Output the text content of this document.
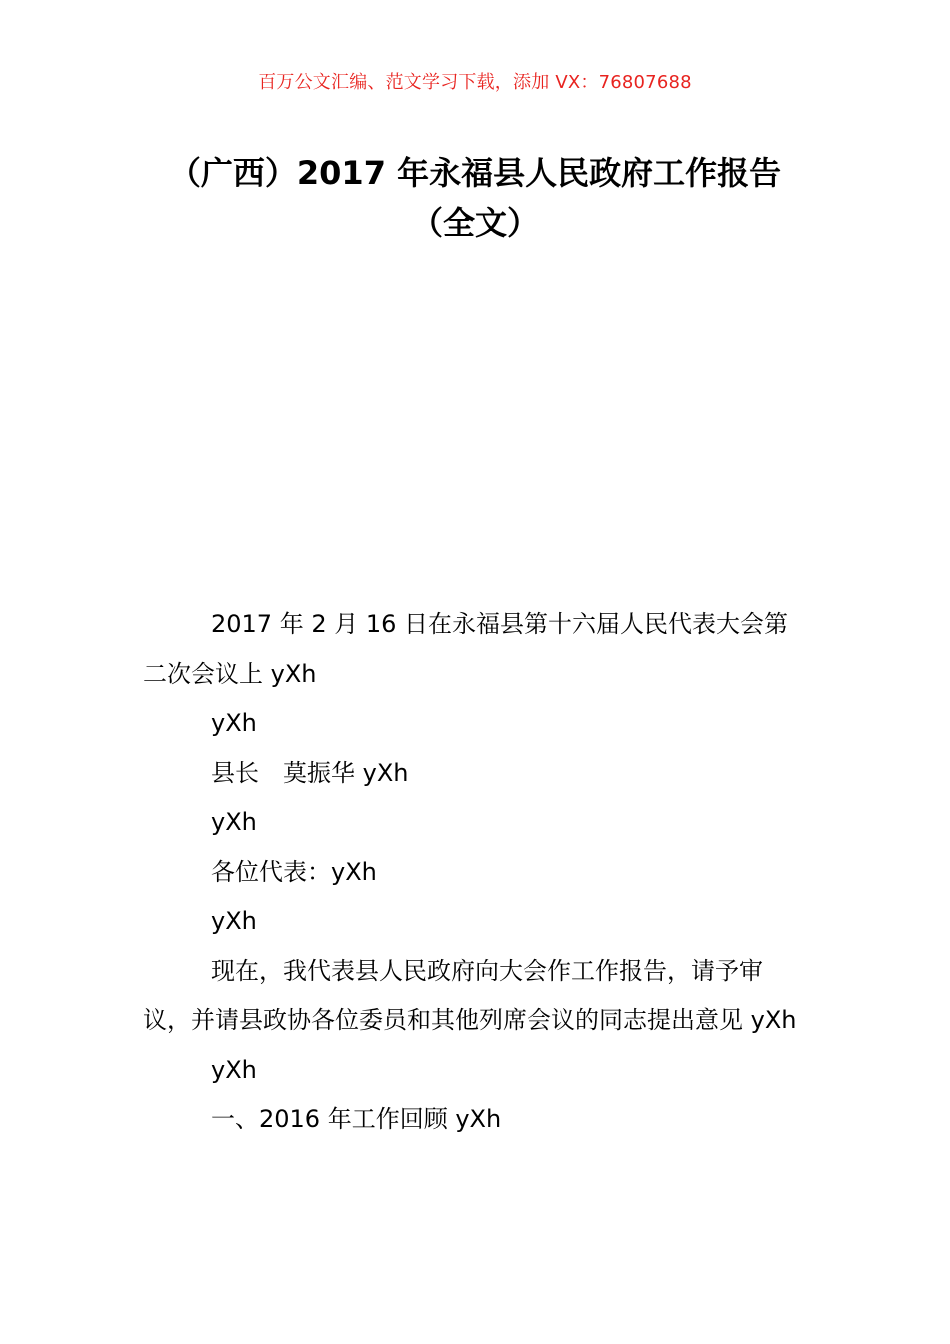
百万公文汇编、范文学习下载，添加 VX：76807688
（广西）2017 年永福县人民政府工作报告
（全文）

2017 年 2 月 16 日在永福县第十六届人民代表大会第二次会议上 yXh

yXh

县长　莫振华 yXh

yXh

各位代表：yXh

yXh

现在，我代表县人民政府向大会作工作报告，请予审议，并请县政协各位委员和其他列席会议的同志提出意见 yXh

yXh

一、2016 年工作回顾 yXh
